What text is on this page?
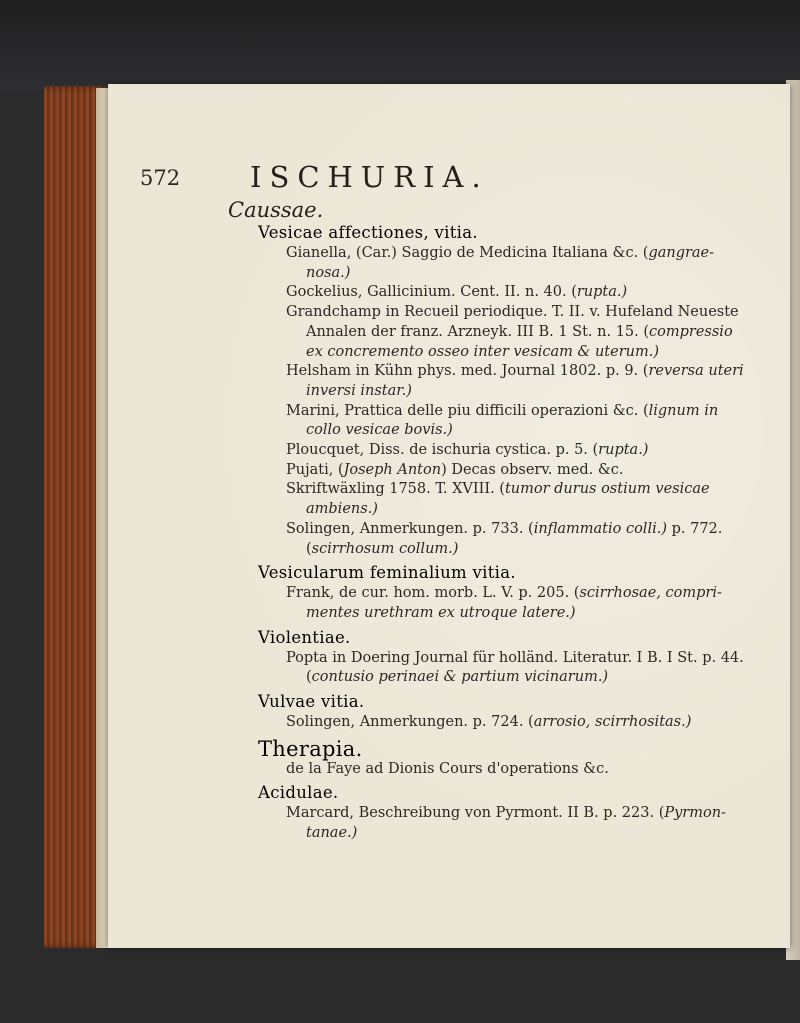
572 ISCHURIA.
Caussae.
Vesicae affectiones, vitia.
Gianella, (Car.) Saggio de Medicina Italiana &c. (gangrae-
nosa.)
Gockelius, Gallicinium. Cent. II. n. 40. (rupta.)
Grandchamp in Recueil periodique. T. II. v. Hufeland Neueste
Annalen der franz. Arzneyk. III B. 1 St. n. 15. (compressio
ex concremento osseo inter vesicam & uterum.)
Helsham in Kühn phys. med. Journal 1802. p. 9. (reversa uteri
inversi instar.)
Marini, Prattica delle piu difficili operazioni &c. (lignum in
collo vesicae bovis.)
Ploucquet, Diss. de ischuria cystica. p. 5. (rupta.)
Pujati, (Joseph Anton) Decas observ. med. &c.
Skriftwäxling 1758. T. XVIII. (tumor durus ostium vesicae
ambiens.)
Solingen, Anmerkungen. p. 733. (inflammatio colli.) p. 772.
(scirrhosum collum.)
Vesicularum feminalium vitia.
Frank, de cur. hom. morb. L. V. p. 205. (scirrhosae, compri-
mentes urethram ex utroque latere.)
Violentiae.
Popta in Doering Journal für holländ. Literatur. I B. I St. p. 44.
(contusio perinaei & partium vicinarum.)
Vulvae vitia.
Solingen, Anmerkungen. p. 724. (arrosio, scirrhositas.)
Therapia.
de la Faye ad Dionis Cours d'operations &c.
Acidulae.
Marcard, Beschreibung von Pyrmont. II B. p. 223. (Pyrmon-
tanae.)
